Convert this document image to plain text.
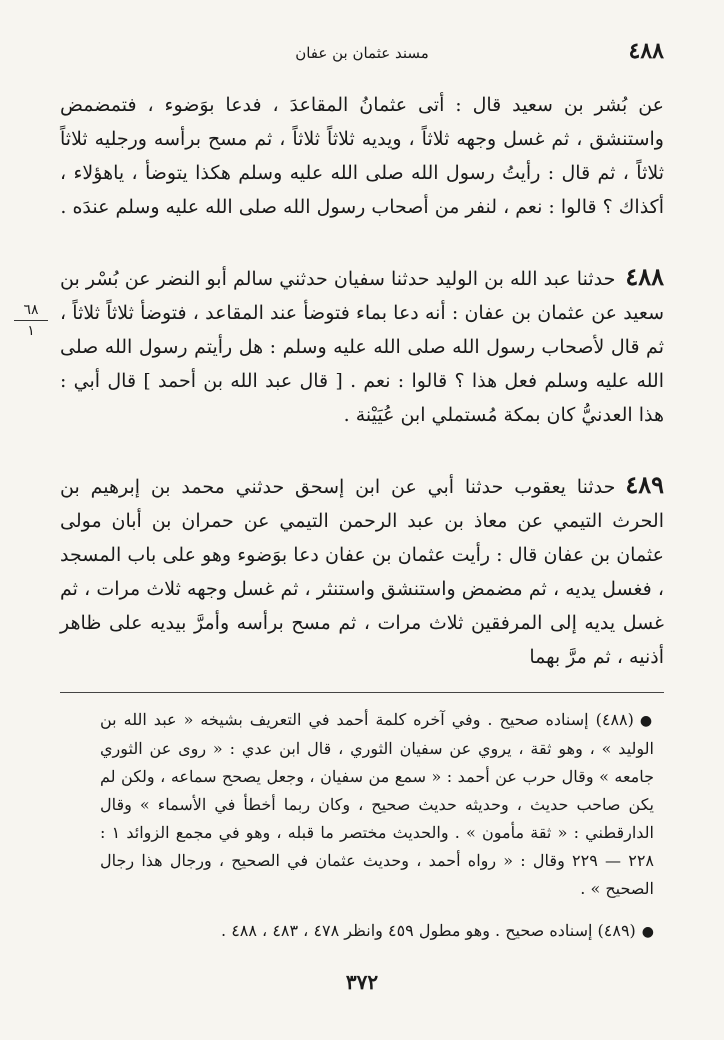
٤٨٨
مسند عثمان بن عفان

عن بُشر بن سعيد قال : أتى عثمانُ المقاعدَ ، فدعا بوَضوء ، فتمضمض واستنشق ، ثم غسل وجهه ثلاثاً ، ويديه ثلاثاً ثلاثاً ، ثم مسح برأسه ورجليه ثلاثاً ثلاثاً ، ثم قال : رأيتُ رسول الله صلى الله عليه وسلم هكذا يتوضأ ، ياهؤلاء ، أكذاك ؟ قالوا : نعم ، لنفر من أصحاب رسول الله صلى الله عليه وسلم عندَه .

٤٨٨حدثنا عبد الله بن الوليد حدثنا سفيان حدثني سالم أبو النضر عن بُسْر بن سعيد عن عثمان بن عفان : أنه دعا بماء فتوضأ عند المقاعد ، فتوضأ ثلاثاً ثلاثاً ، ثم قال لأصحاب رسول الله صلى الله عليه وسلم : هل رأيتم رسول الله صلى الله عليه وسلم فعل هذا ؟ قالوا : نعم . [ قال عبد الله بن أحمد ] قال أبي : هذا العدنيُّ كان بمكة مُستملي ابن عُيَيْنة .

٤٨٩حدثنا يعقوب حدثنا أبي عن ابن إسحق حدثني محمد بن إبرهيم بن الحرث التيمي عن معاذ بن عبد الرحمن التيمي عن حمران بن أبان مولى عثمان بن عفان قال : رأيت عثمان بن عفان دعا بوَضوء وهو على باب المسجد ، فغسل يديه ، ثم مضمض واستنشق واستنثر ، ثم غسل وجهه ثلاث مرات ، ثم غسل يديه إلى المرفقين ثلاث مرات ، ثم مسح برأسه وأمرَّ بيديه على ظاهر أذنيه ، ثم مرَّ بهما

٦٨
١

●(٤٨٨) إسناده صحيح . وفي آخره كلمة أحمد في التعريف بشيخه « عبد الله بن الوليد » ، وهو ثقة ، يروي عن سفيان الثوري ، قال ابن عدي : « روى عن الثوري جامعه » وقال حرب عن أحمد : « سمع من سفيان ، وجعل يصحح سماعه ، ولكن لم يكن صاحب حديث ، وحديثه حديث صحيح ، وكان ربما أخطأ في الأسماء » وقال الدارقطني : « ثقة مأمون » . والحديث مختصر ما قبله ، وهو في مجمع الزوائد ١ : ٢٢٨ — ٢٢٩ وقال : « رواه أحمد ، وحديث عثمان في الصحيح ، ورجال هذا رجال الصحيح » .

●(٤٨٩) إسناده صحيح . وهو مطول ٤٥٩ وانظر ٤٧٨ ، ٤٨٣ ، ٤٨٨ .

٣٧٢
